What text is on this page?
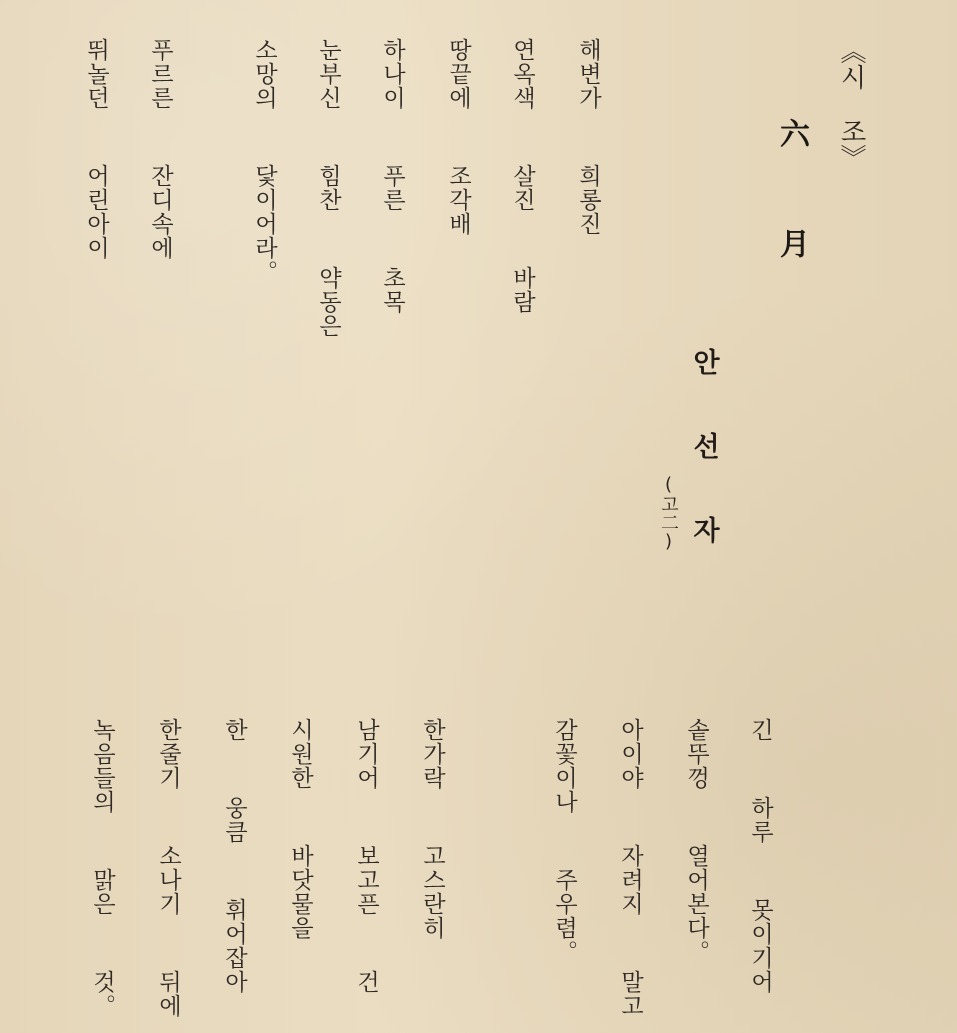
《시
조》
六
月
안
선
자
(고二)
해변가  희롱진
연옥색  살진  바람
땅끝에  조각배
하나이  푸른  초목
눈부신  힘찬  약동은
소망의  닻이어라。
푸르른  잔디속에
뛰놀던  어린아이
긴  하루  못이기어
솥뚜껑  열어본다。
아이야  자려지  말고
감꽃이나  주우렴。
한가락  고스란히
남기어  보고픈  건
시원한  바닷물을
한  웅큼  휘어잡아
한줄기  소나기  뒤에
녹음들의  맑은  것。
